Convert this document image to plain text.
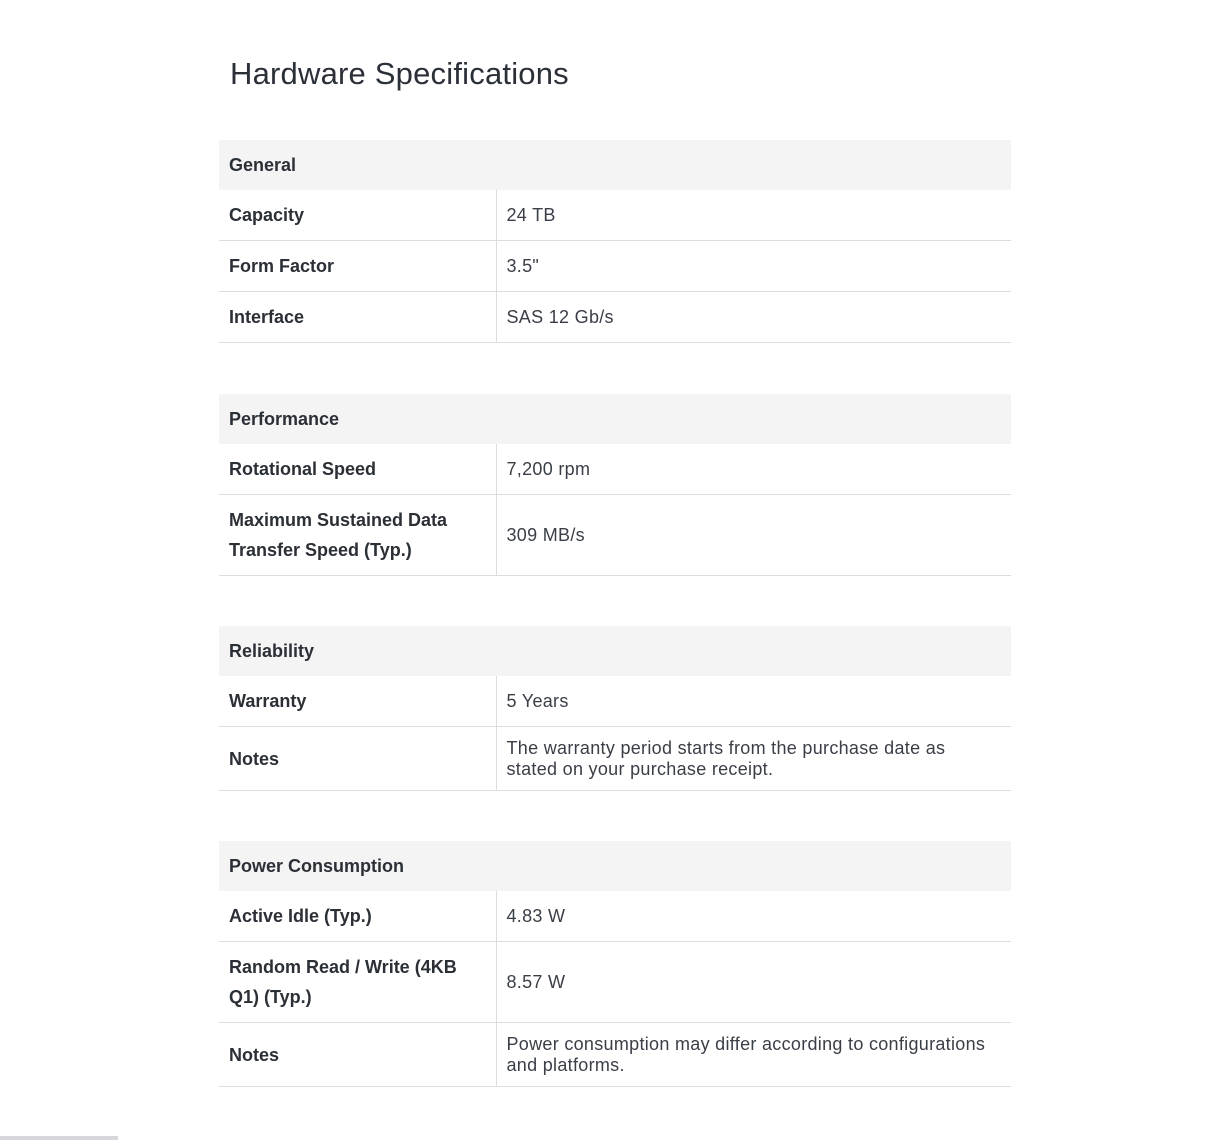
Hardware Specifications
General	
Capacity	24 TB
Form Factor	3.5"
Interface	SAS 12 Gb/s
Performance	
Rotational Speed	7,200 rpm
Maximum Sustained Data Transfer Speed (Typ.)	309 MB/s
Reliability	
Warranty	5 Years
Notes	The warranty period starts from the purchase date as stated on your purchase receipt.
Power Consumption	
Active Idle (Typ.)	4.83 W
Random Read / Write (4KB Q1) (Typ.)	8.57 W
Notes	Power consumption may differ according to configurations and platforms.
